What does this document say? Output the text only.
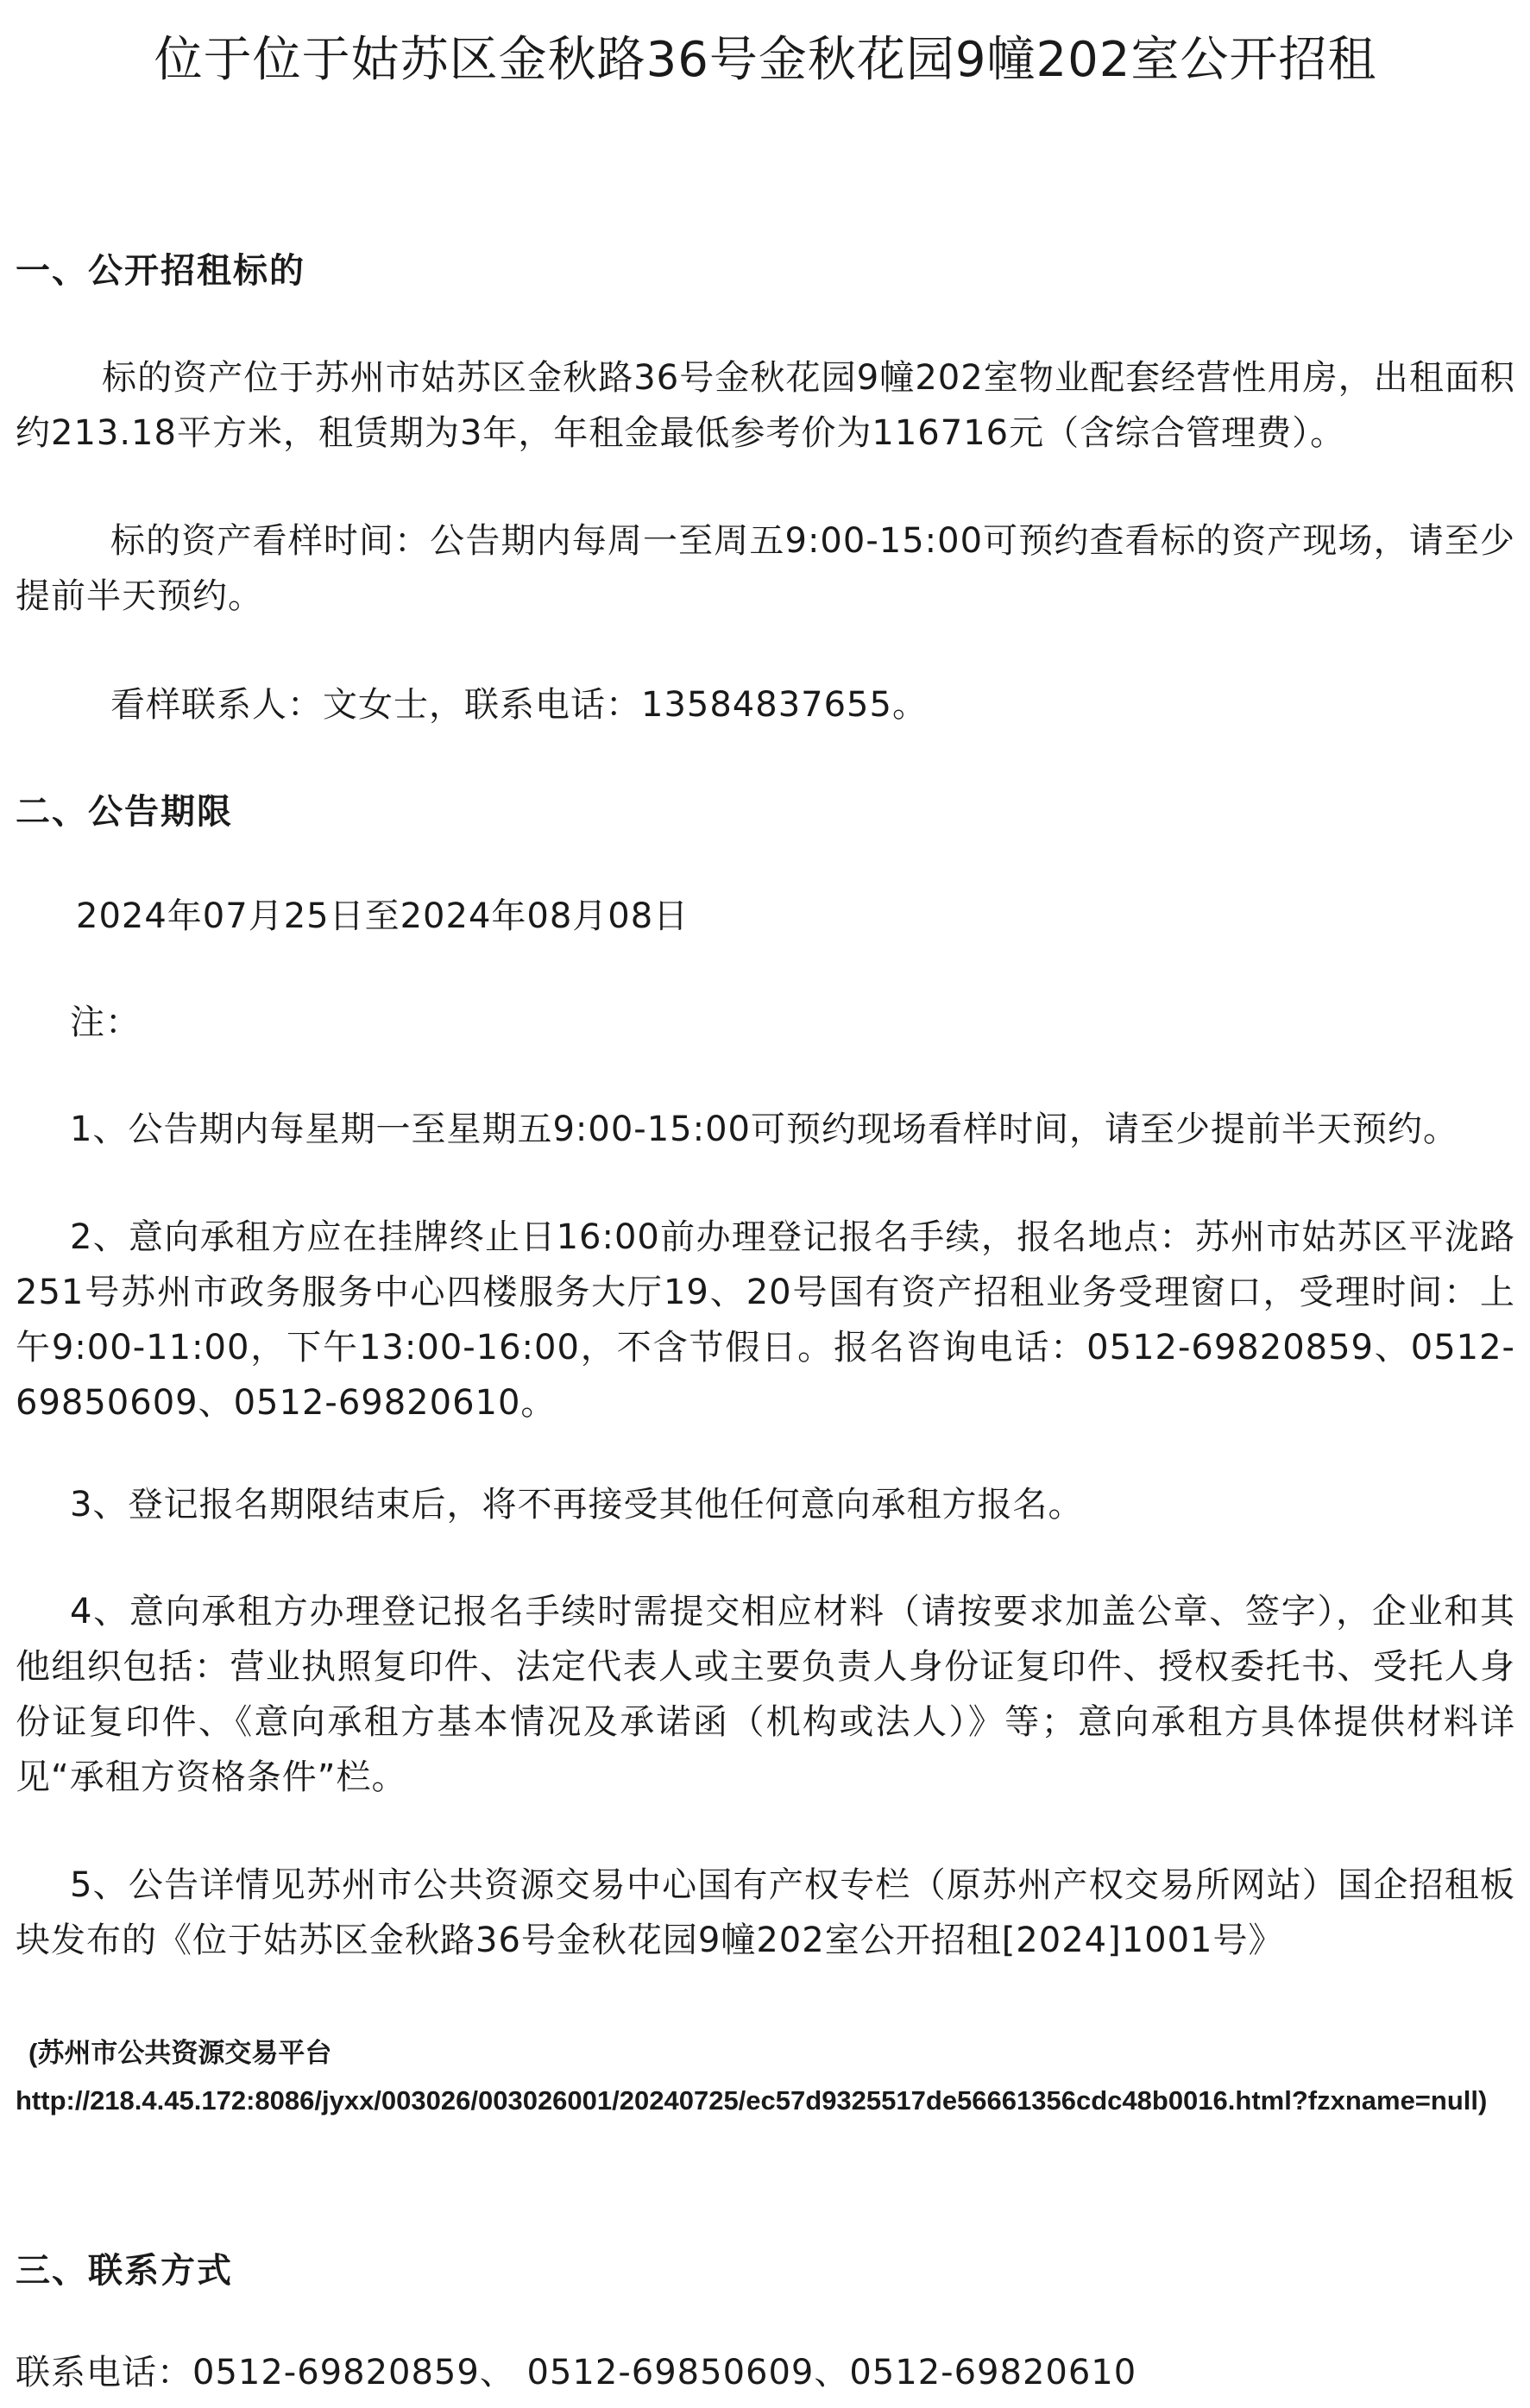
位于位于姑苏区金秋路36号金秋花园9幢202室公开招租
一、公开招租标的

标的资产位于苏州市姑苏区金秋路36号金秋花园9幢202室物业配套经营性用房，出租面积约213.18平方米，租赁期为3年，年租金最低参考价为116716元（含综合管理费）。

标的资产看样时间：公告期内每周一至周五9:00-15:00可预约查看标的资产现场，请至少提前半天预约。

看样联系人：文女士，联系电话：13584837655。

二、公告期限

2024年07月25日至2024年08月08日

注：

1、公告期内每星期一至星期五9:00-15:00可预约现场看样时间，请至少提前半天预约。

2、意向承租方应在挂牌终止日16:00前办理登记报名手续，报名地点：苏州市姑苏区平泷路251号苏州市政务服务中心四楼服务大厅19、20号国有资产招租业务受理窗口，受理时间：上午9:00-11:00，下午13:00-16:00，不含节假日。报名咨询电话：0512-69820859、0512-69850609、0512-69820610。

3、登记报名期限结束后，将不再接受其他任何意向承租方报名。

4、意向承租方办理登记报名手续时需提交相应材料（请按要求加盖公章、签字），企业和其他组织包括：营业执照复印件、法定代表人或主要负责人身份证复印件、授权委托书、受托人身份证复印件、《意向承租方基本情况及承诺函（机构或法人）》等；意向承租方具体提供材料详见“承租方资格条件”栏。

5、公告详情见苏州市公共资源交易中心国有产权专栏（原苏州产权交易所网站）国企招租板块发布的《位于姑苏区金秋路36号金秋花园9幢202室公开招租[2024]1001号》

(苏州市公共资源交易平台

http://218.4.45.172:8086/jyxx/003026/003026001/20240725/ec57d9325517de56661356cdc48b0016.html?fzxname=null)

三、联系方式

联系电话：0512-69820859、 0512-69850609、0512-69820610
